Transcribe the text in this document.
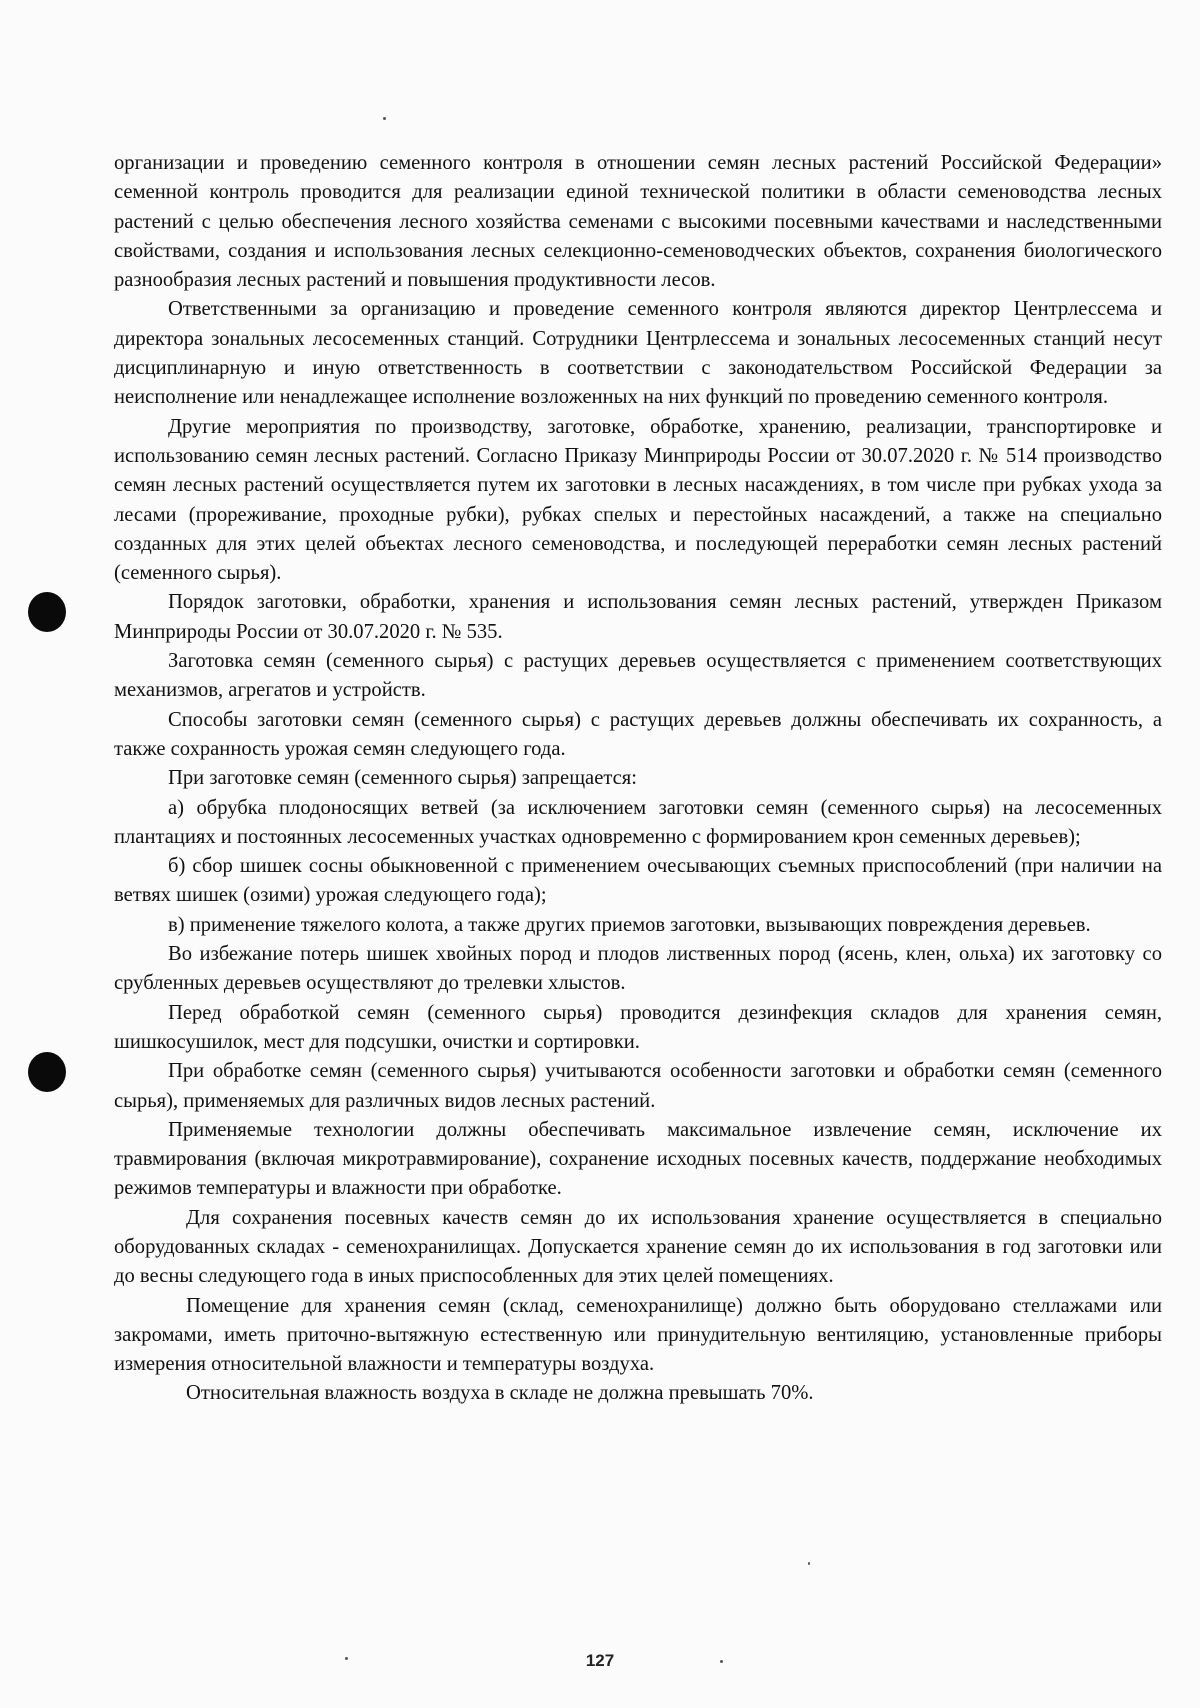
организации и проведению семенного контроля в отношении семян лесных растений Российской Федерации» семенной контроль проводится для реализации единой технической политики в области семеноводства лесных растений с целью обеспечения лесного хозяйства семенами с высокими посевными качествами и наследственными свойствами, создания и использования лесных селекционно-семеноводческих объектов, сохранения биологического разнообразия лесных растений и повышения продуктивности лесов.

Ответственными за организацию и проведение семенного контроля являются директор Центрлессема и директора зональных лесосеменных станций. Сотрудники Центрлессема и зональных лесосеменных станций несут дисциплинарную и иную ответственность в соответствии с законодательством Российской Федерации за неисполнение или ненадлежащее исполнение возложенных на них функций по проведению семенного контроля.

Другие мероприятия по производству, заготовке, обработке, хранению, реализации, транспортировке и использованию семян лесных растений. Согласно Приказу Минприроды России от 30.07.2020 г. № 514 производство семян лесных растений осуществляется путем их заготовки в лесных насаждениях, в том числе при рубках ухода за лесами (прореживание, проходные рубки), рубках спелых и перестойных насаждений, а также на специально созданных для этих целей объектах лесного семеноводства, и последующей переработки семян лесных растений (семенного сырья).

Порядок заготовки, обработки, хранения и использования семян лесных растений, утвержден Приказом Минприроды России от 30.07.2020 г. № 535.

Заготовка семян (семенного сырья) с растущих деревьев осуществляется с применением соответствующих механизмов, агрегатов и устройств.

Способы заготовки семян (семенного сырья) с растущих деревьев должны обеспечивать их сохранность, а также сохранность урожая семян следующего года.

При заготовке семян (семенного сырья) запрещается:

а) обрубка плодоносящих ветвей (за исключением заготовки семян (семенного сырья) на лесосеменных плантациях и постоянных лесосеменных участках одновременно с формированием крон семенных деревьев);

б) сбор шишек сосны обыкновенной с применением очесывающих съемных приспособлений (при наличии на ветвях шишек (озими) урожая следующего года);

в) применение тяжелого колота, а также других приемов заготовки, вызывающих повреждения деревьев.

Во избежание потерь шишек хвойных пород и плодов лиственных пород (ясень, клен, ольха) их заготовку со срубленных деревьев осуществляют до трелевки хлыстов.

Перед обработкой семян (семенного сырья) проводится дезинфекция складов для хранения семян, шишкосушилок, мест для подсушки, очистки и сортировки.

При обработке семян (семенного сырья) учитываются особенности заготовки и обработки семян (семенного сырья), применяемых для различных видов лесных растений.

Применяемые технологии должны обеспечивать максимальное извлечение семян, исключение их травмирования (включая микротравмирование), сохранение исходных посевных качеств, поддержание необходимых режимов температуры и влажности при обработке.

Для сохранения посевных качеств семян до их использования хранение осуществляется в специально оборудованных складах - семенохранилищах. Допускается хранение семян до их использования в год заготовки или до весны следующего года в иных приспособленных для этих целей помещениях.

Помещение для хранения семян (склад, семенохранилище) должно быть оборудовано стеллажами или закромами, иметь приточно-вытяжную естественную или принудительную вентиляцию, установленные приборы измерения относительной влажности и температуры воздуха.

Относительная влажность воздуха в складе не должна превышать 70%.

127
